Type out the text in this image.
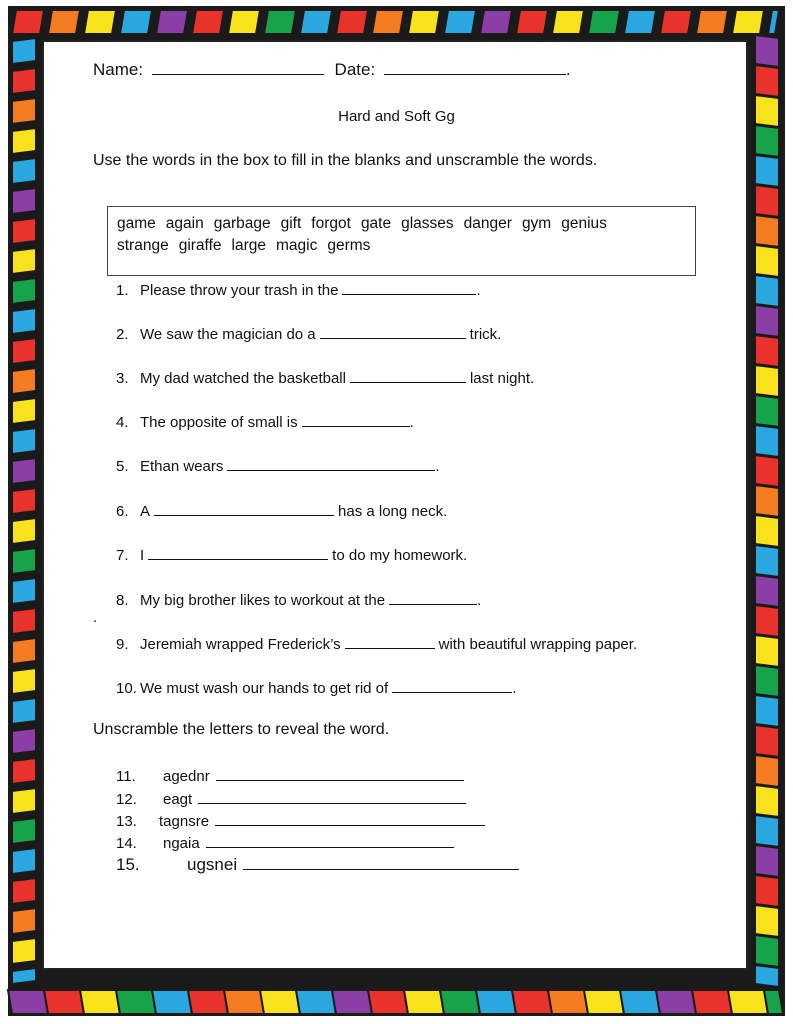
Name:	Date:	.
Hard and Soft Gg
Use the words in the box to fill in the blanks and unscramble the words.
game again garbage gift forgot gate glasses danger gym genius
strange giraffe large magic germs
1. Please throw your trash in the	.
2. We saw the magician do a	trick.
3. My dad watched the basketball	last night.
4. The opposite of small is	.
5. Ethan wears	.
6. A	has a long neck.
7. I	to do my homework.
8. My big brother likes to workout at the	.
9. Jeremiah wrapped Frederick’s	with beautiful wrapping paper.
10. We must wash our hands to get rid of	.
.
Unscramble the letters to reveal the word.
11. agednr
12. eagt
13. tagnsre
14. ngaia
15.	ugsnei
